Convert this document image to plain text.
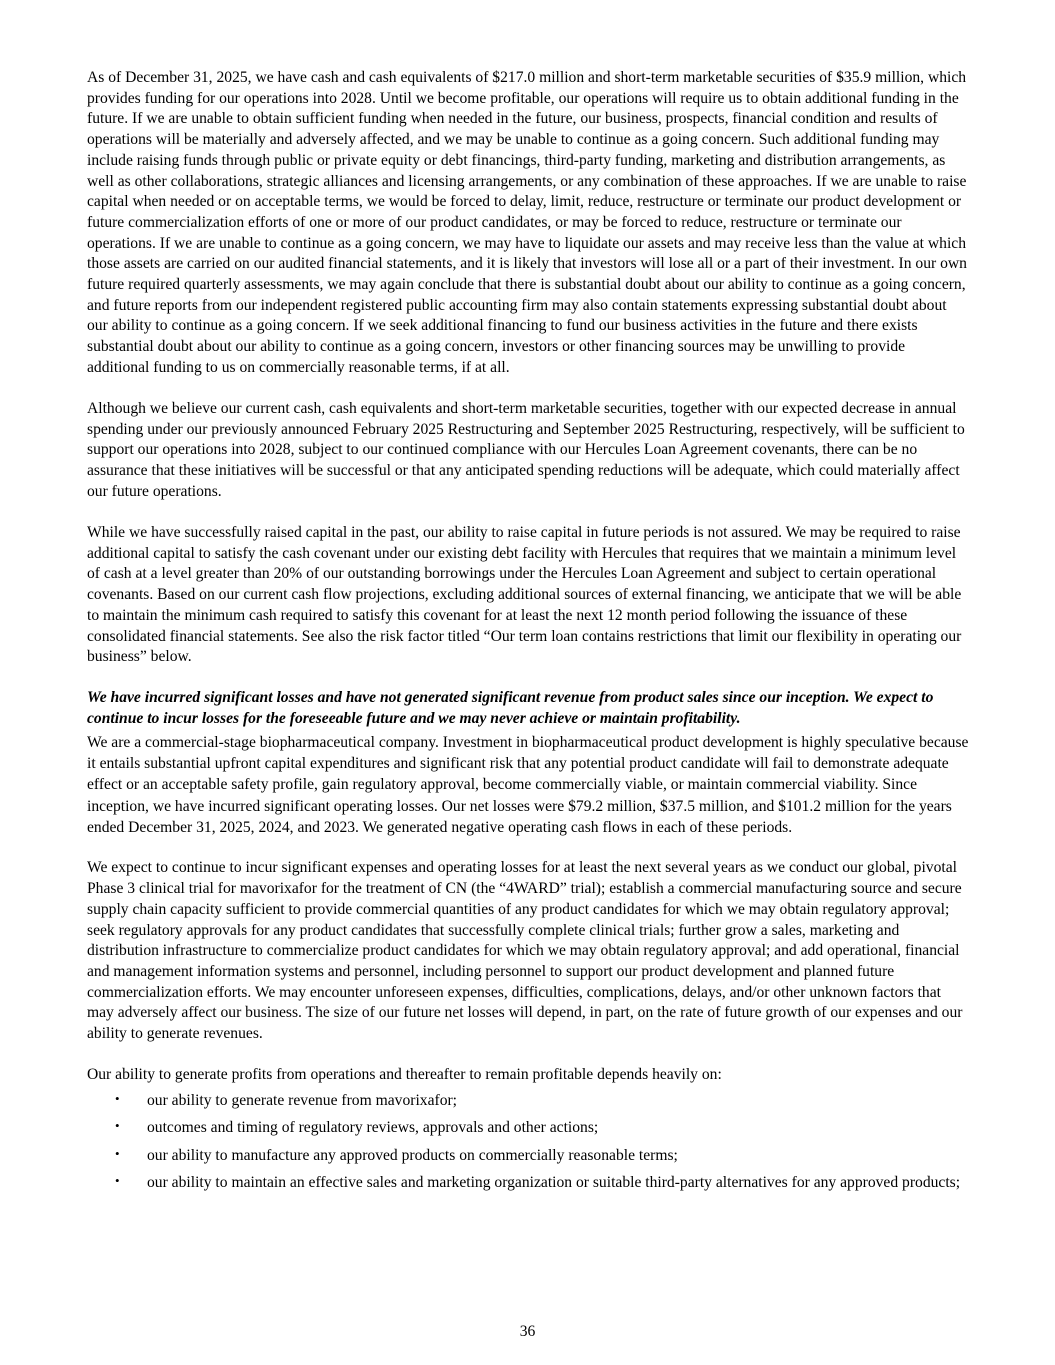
As of December 31, 2025, we have cash and cash equivalents of $217.0 million and short-term marketable securities of $35.9 million, which provides funding for our operations into 2028. Until we become profitable, our operations will require us to obtain additional funding in the future. If we are unable to obtain sufficient funding when needed in the future, our business, prospects, financial condition and results of operations will be materially and adversely affected, and we may be unable to continue as a going concern. Such additional funding may include raising funds through public or private equity or debt financings, third-party funding, marketing and distribution arrangements, as well as other collaborations, strategic alliances and licensing arrangements, or any combination of these approaches. If we are unable to raise capital when needed or on acceptable terms, we would be forced to delay, limit, reduce, restructure or terminate our product development or future commercialization efforts of one or more of our product candidates, or may be forced to reduce, restructure or terminate our operations. If we are unable to continue as a going concern, we may have to liquidate our assets and may receive less than the value at which those assets are carried on our audited financial statements, and it is likely that investors will lose all or a part of their investment. In our own future required quarterly assessments, we may again conclude that there is substantial doubt about our ability to continue as a going concern, and future reports from our independent registered public accounting firm may also contain statements expressing substantial doubt about our ability to continue as a going concern. If we seek additional financing to fund our business activities in the future and there exists substantial doubt about our ability to continue as a going concern, investors or other financing sources may be unwilling to provide additional funding to us on commercially reasonable terms, if at all.

Although we believe our current cash, cash equivalents and short-term marketable securities, together with our expected decrease in annual spending under our previously announced February 2025 Restructuring and September 2025 Restructuring, respectively, will be sufficient to support our operations into 2028, subject to our continued compliance with our Hercules Loan Agreement covenants, there can be no assurance that these initiatives will be successful or that any anticipated spending reductions will be adequate, which could materially affect our future operations.

While we have successfully raised capital in the past, our ability to raise capital in future periods is not assured. We may be required to raise additional capital to satisfy the cash covenant under our existing debt facility with Hercules that requires that we maintain a minimum level of cash at a level greater than 20% of our outstanding borrowings under the Hercules Loan Agreement and subject to certain operational covenants. Based on our current cash flow projections, excluding additional sources of external financing, we anticipate that we will be able to maintain the minimum cash required to satisfy this covenant for at least the next 12 month period following the issuance of these consolidated financial statements. See also the risk factor titled “Our term loan contains restrictions that limit our flexibility in operating our business” below.

We have incurred significant losses and have not generated significant revenue from product sales since our inception. We expect to continue to incur losses for the foreseeable future and we may never achieve or maintain profitability.

We are a commercial-stage biopharmaceutical company. Investment in biopharmaceutical product development is highly speculative because it entails substantial upfront capital expenditures and significant risk that any potential product candidate will fail to demonstrate adequate effect or an acceptable safety profile, gain regulatory approval, become commercially viable, or maintain commercial viability. Since inception, we have incurred significant operating losses. Our net losses were $79.2 million, $37.5 million, and $101.2 million for the years ended December 31, 2025, 2024, and 2023. We generated negative operating cash flows in each of these periods.

We expect to continue to incur significant expenses and operating losses for at least the next several years as we conduct our global, pivotal Phase 3 clinical trial for mavorixafor for the treatment of CN (the “4WARD” trial); establish a commercial manufacturing source and secure supply chain capacity sufficient to provide commercial quantities of any product candidates for which we may obtain regulatory approval; seek regulatory approvals for any product candidates that successfully complete clinical trials; further grow a sales, marketing and distribution infrastructure to commercialize product candidates for which we may obtain regulatory approval; and add operational, financial and management information systems and personnel, including personnel to support our product development and planned future commercialization efforts. We may encounter unforeseen expenses, difficulties, complications, delays, and/or other unknown factors that may adversely affect our business. The size of our future net losses will depend, in part, on the rate of future growth of our expenses and our ability to generate revenues.

Our ability to generate profits from operations and thereafter to remain profitable depends heavily on:

• our ability to generate revenue from mavorixafor;
• outcomes and timing of regulatory reviews, approvals and other actions;
• our ability to manufacture any approved products on commercially reasonable terms;
• our ability to maintain an effective sales and marketing organization or suitable third-party alternatives for any approved products;
36
